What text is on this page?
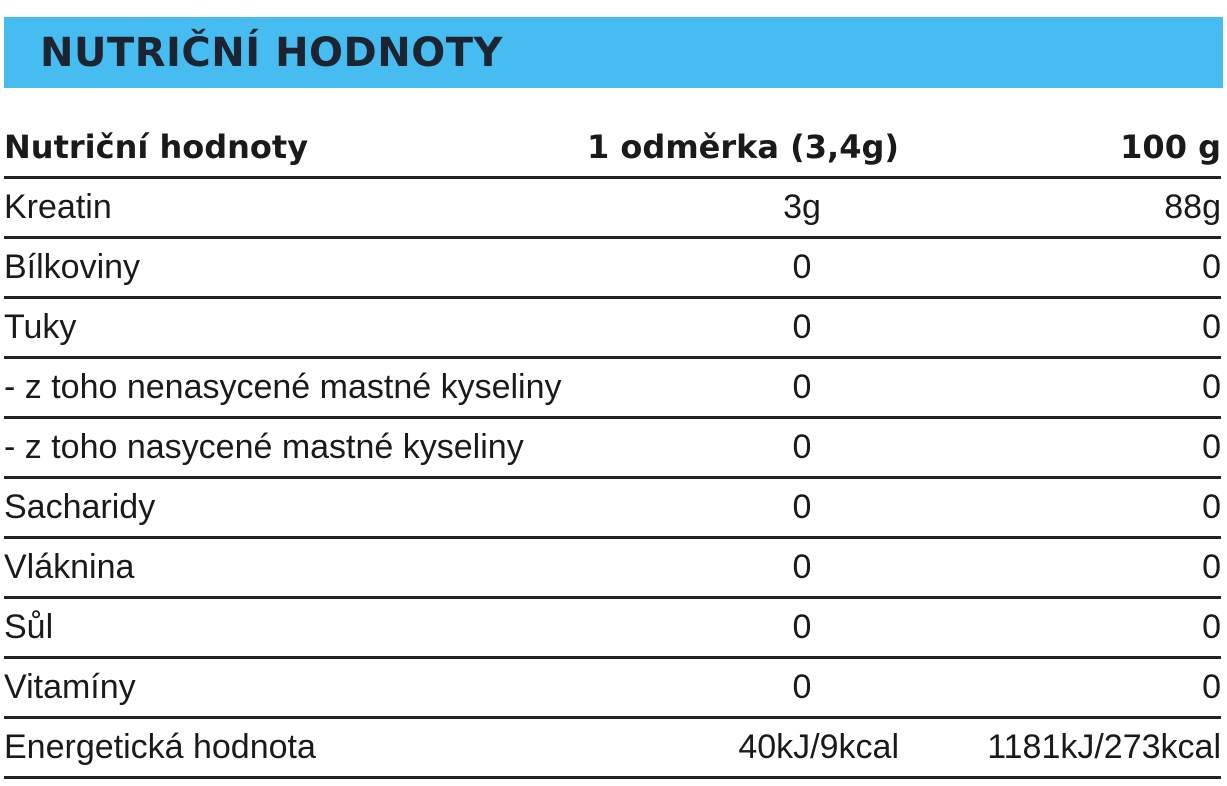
NUTRIČNÍ HODNOTY
Nutriční hodnoty	1 odměrka (3,4g)	100 g
Kreatin	3g	88g
Bílkoviny	0	0
Tuky	0	0
- z toho nenasycené mastné kyseliny	0	0
- z toho nasycené mastné kyseliny	0	0
Sacharidy	0	0
Vláknina	0	0
Sůl	0	0
Vitamíny	0	0
Energetická hodnota	40kJ/9kcal	1181kJ/273kcal
